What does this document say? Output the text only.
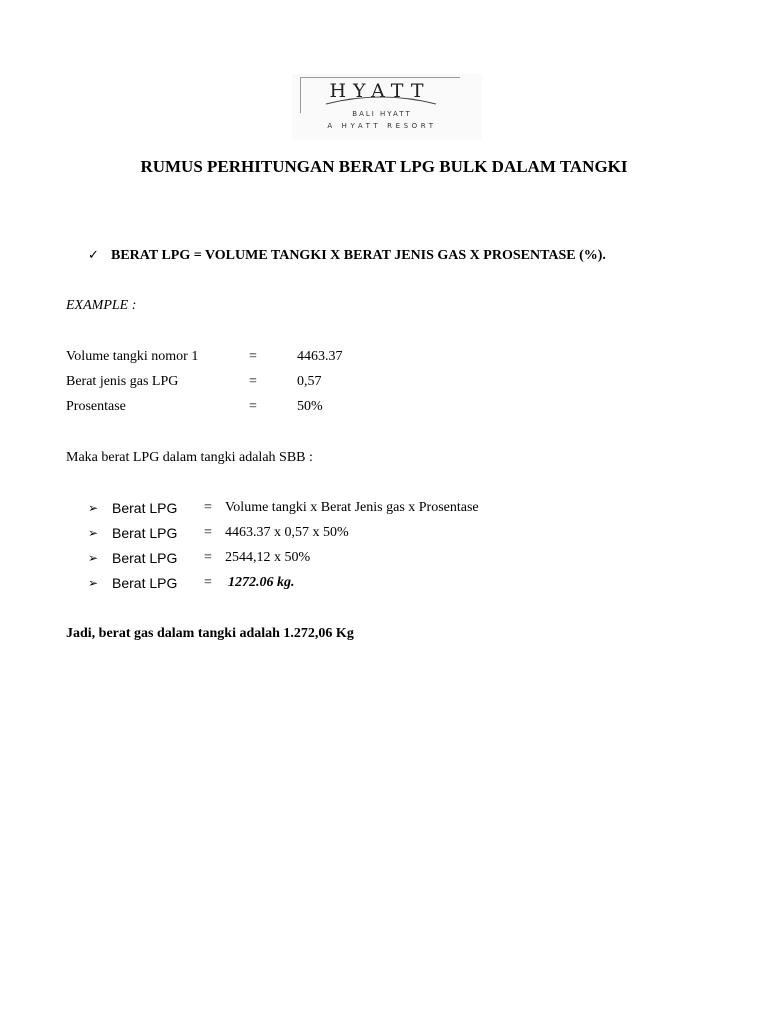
HYATT
BALI HYATT
A HYATT RESORT
RUMUS PERHITUNGAN BERAT LPG BULK DALAM TANGKI
✓ BERAT LPG = VOLUME TANGKI X BERAT JENIS GAS X PROSENTASE (%).
EXAMPLE :
Volume tangki nomor 1	=	4463.37
Berat jenis gas LPG	=	0,57
Prosentase	=	50%
Maka berat LPG dalam tangki adalah SBB :
➢ Berat LPG = Volume tangki x Berat Jenis gas x Prosentase
➢ Berat LPG = 4463.37 x 0,57 x 50%
➢ Berat LPG = 2544,12 x 50%
➢ Berat LPG = 1272.06 kg.
Jadi, berat gas dalam tangki adalah 1.272,06 Kg
